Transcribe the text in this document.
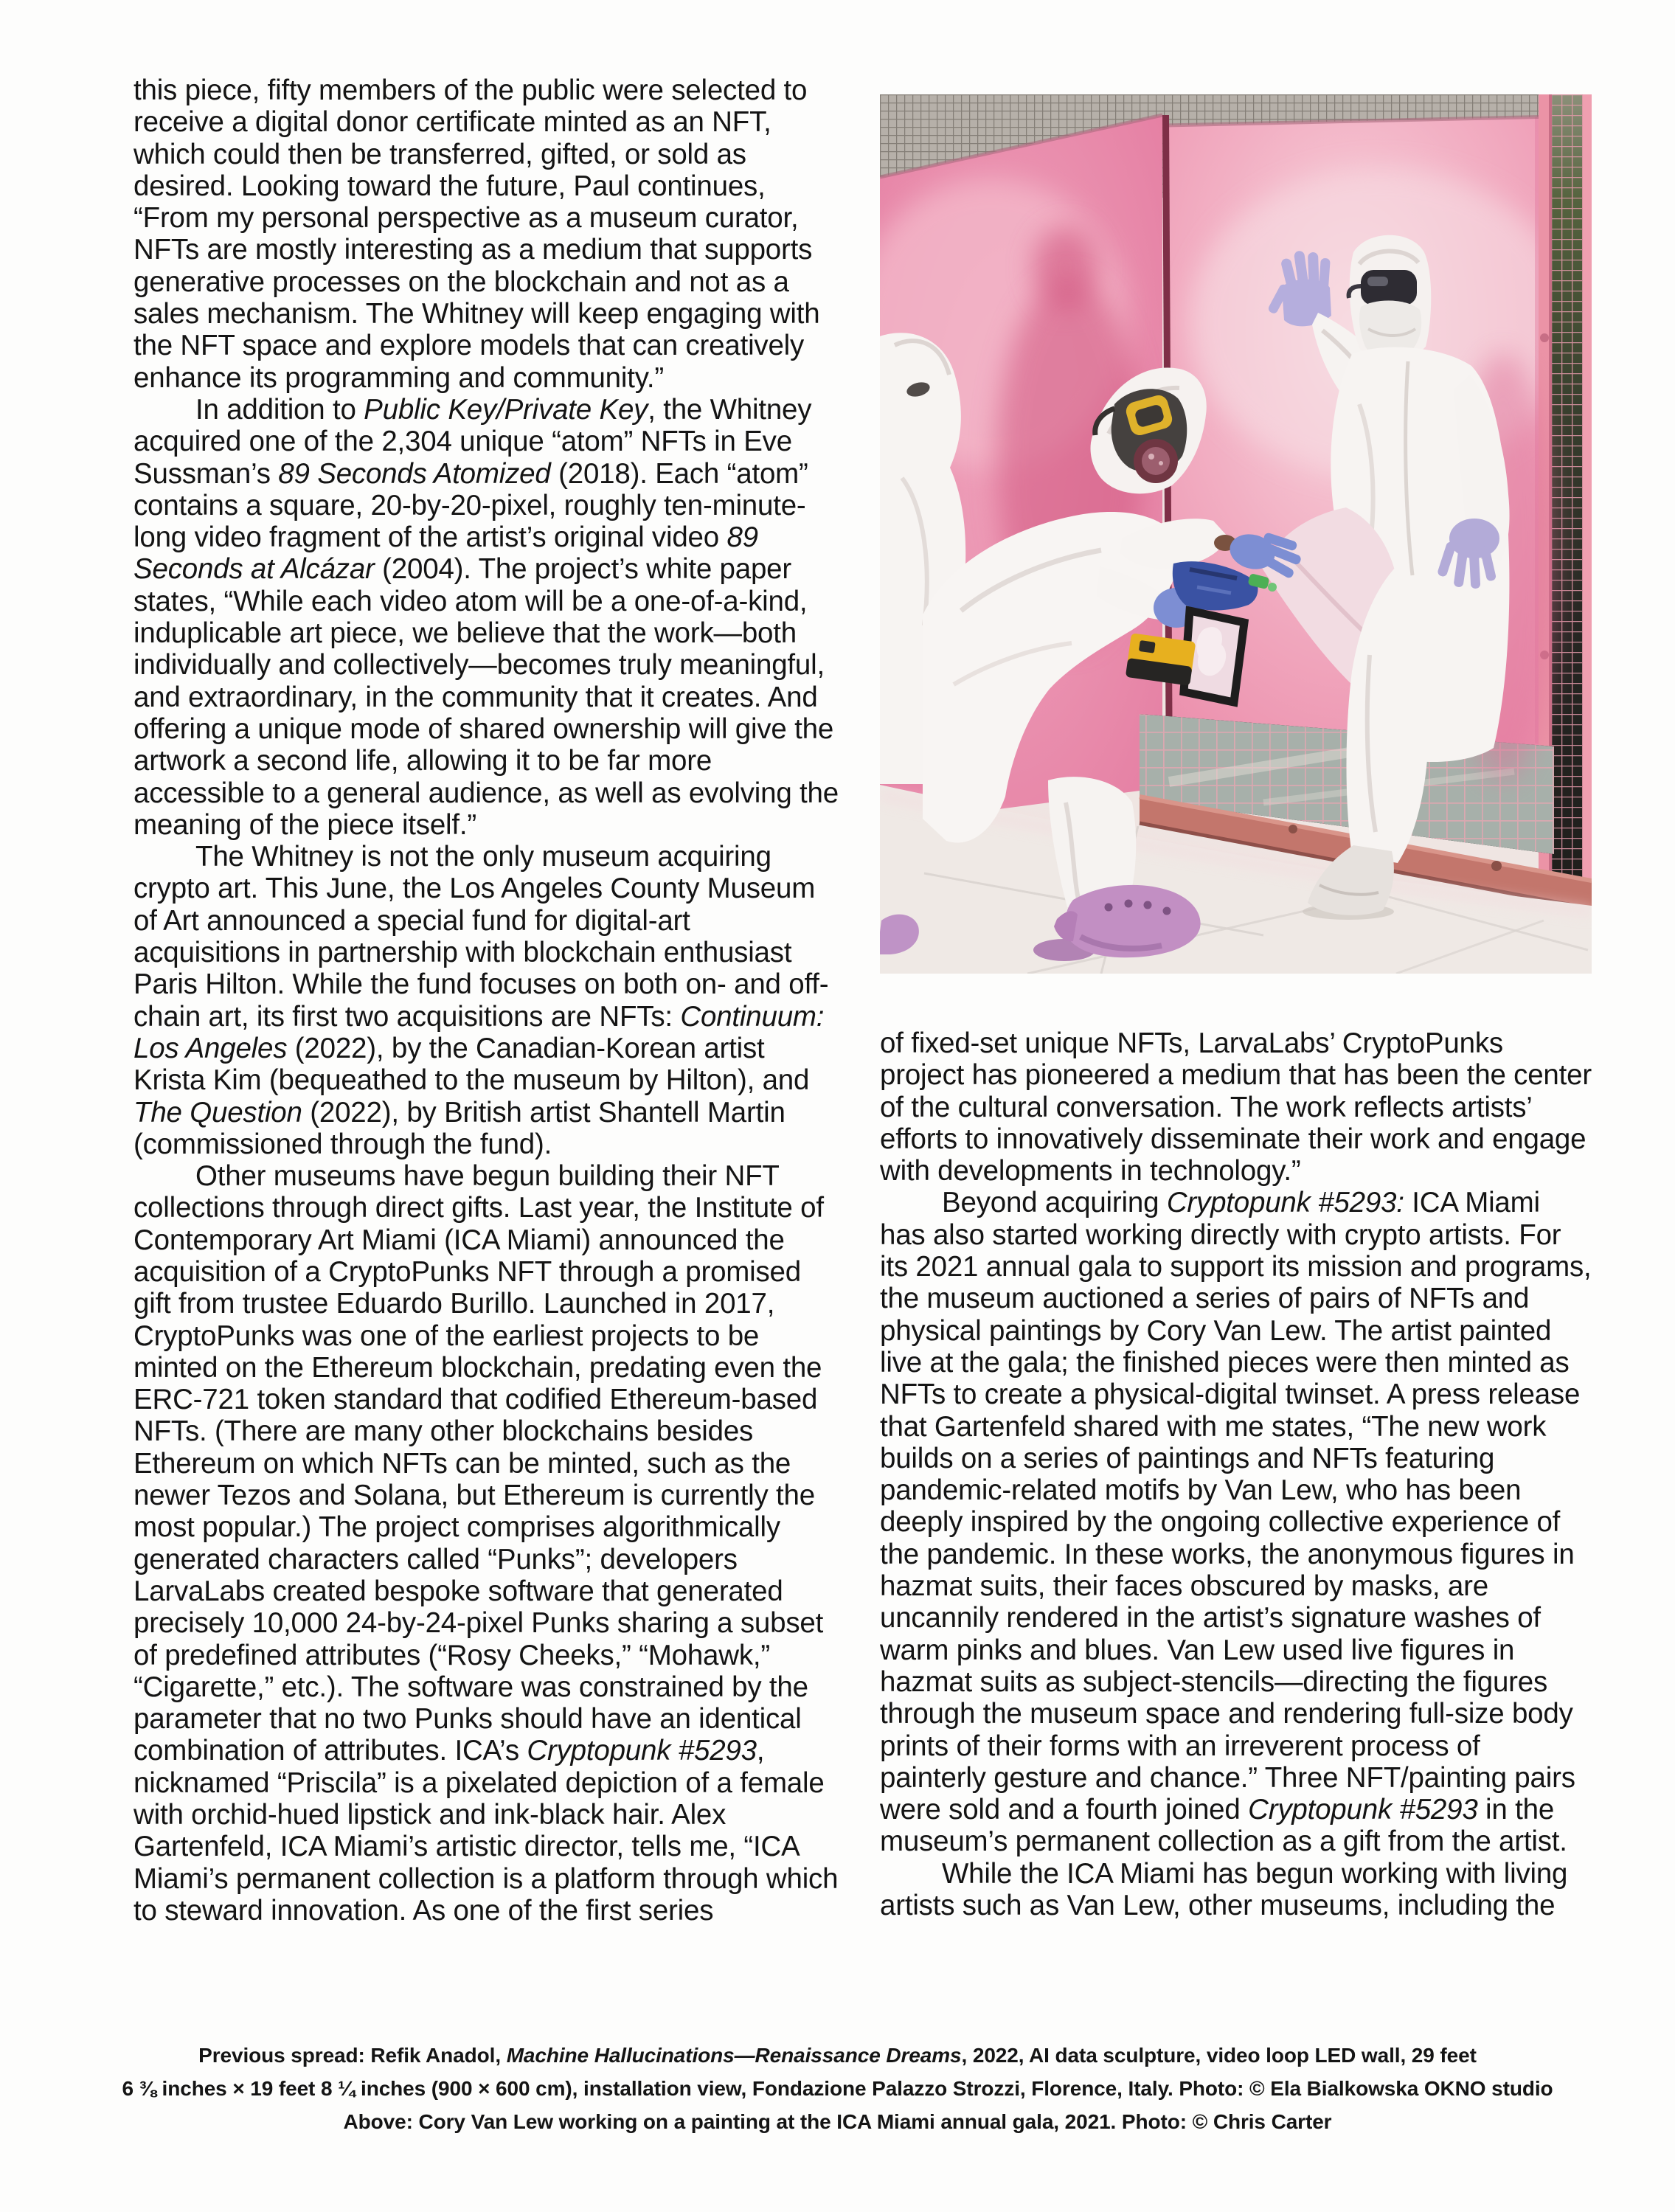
this piece, fifty members of the public were selected to receive a digital donor certificate minted as an NFT, which could then be transferred, gifted, or sold as desired. Looking toward the future, Paul continues, “From my personal perspective as a museum curator, NFTs are mostly interesting as a medium that supports generative processes on the blockchain and not as a sales mechanism. The Whitney will keep engaging with the NFT space and explore models that can creatively enhance its programming and community.”

In addition to Public Key/Private Key, the Whitney acquired one of the 2,304 unique “atom” NFTs in Eve Sussman’s 89 Seconds Atomized (2018). Each “atom” contains a square, 20-by-20-pixel, roughly ten-minute-long video fragment of the artist’s original video 89 Seconds at Alcázar (2004). The project’s white paper states, “While each video atom will be a one-of-a-kind, induplicable art piece, we believe that the work—both individually and collectively—becomes truly meaningful, and extraordinary, in the community that it creates. And offering a unique mode of shared ownership will give the artwork a second life, allowing it to be far more accessible to a general audience, as well as evolving the meaning of the piece itself.”

The Whitney is not the only museum acquiring crypto art. This June, the Los Angeles County Museum of Art announced a special fund for digital-art acquisitions in partnership with blockchain enthusiast Paris Hilton. While the fund focuses on both on- and off-chain art, its first two acquisitions are NFTs: Continuum: Los Angeles (2022), by the Canadian-Korean artist Krista Kim (bequeathed to the museum by Hilton), and The Question (2022), by British artist Shantell Martin (commissioned through the fund).

Other museums have begun building their NFT collections through direct gifts. Last year, the Institute of Contemporary Art Miami (ICA Miami) announced the acquisition of a CryptoPunks NFT through a promised gift from trustee Eduardo Burillo. Launched in 2017, CryptoPunks was one of the earliest projects to be minted on the Ethereum blockchain, predating even the ERC-721 token standard that codified Ethereum-based NFTs. (There are many other blockchains besides Ethereum on which NFTs can be minted, such as the newer Tezos and Solana, but Ethereum is currently the most popular.) The project comprises algorithmically generated characters called “Punks”; developers LarvaLabs created bespoke software that generated precisely 10,000 24-by-24-pixel Punks sharing a subset of predefined attributes (“Rosy Cheeks,” “Mohawk,” “Cigarette,” etc.). The software was constrained by the parameter that no two Punks should have an identical combination of attributes. ICA’s Cryptopunk #5293, nicknamed “Priscila” is a pixelated depiction of a female with orchid-hued lipstick and ink-black hair. Alex Gartenfeld, ICA Miami’s artistic director, tells me, “ICA Miami’s permanent collection is a platform through which to steward innovation. As one of the first series

of fixed-set unique NFTs, LarvaLabs’ CryptoPunks project has pioneered a medium that has been the center of the cultural conversation. The work reflects artists’ efforts to innovatively disseminate their work and engage with developments in technology.”

Beyond acquiring Cryptopunk #5293: ICA Miami has also started working directly with crypto artists. For its 2021 annual gala to support its mission and programs, the museum auctioned a series of pairs of NFTs and physical paintings by Cory Van Lew. The artist painted live at the gala; the finished pieces were then minted as NFTs to create a physical-digital twinset. A press release that Gartenfeld shared with me states, “The new work builds on a series of paintings and NFTs featuring pandemic-related motifs by Van Lew, who has been deeply inspired by the ongoing collective experience of the pandemic. In these works, the anonymous figures in hazmat suits, their faces obscured by masks, are uncannily rendered in the artist’s signature washes of warm pinks and blues. Van Lew used live figures in hazmat suits as subject-stencils—directing the figures through the museum space and rendering full-size body prints of their forms with an irreverent process of painterly gesture and chance.” Three NFT/painting pairs were sold and a fourth joined Cryptopunk #5293 in the museum’s permanent collection as a gift from the artist.

While the ICA Miami has begun working with living artists such as Van Lew, other museums, including the

Previous spread: Refik Anadol, Machine Hallucinations—Renaissance Dreams, 2022, AI data sculpture, video loop LED wall, 29 feet
6 ⅜ inches × 19 feet 8 ¼ inches (900 × 600 cm), installation view, Fondazione Palazzo Strozzi, Florence, Italy. Photo: © Ela Bialkowska OKNO studio
Above: Cory Van Lew working on a painting at the ICA Miami annual gala, 2021. Photo: © Chris Carter
